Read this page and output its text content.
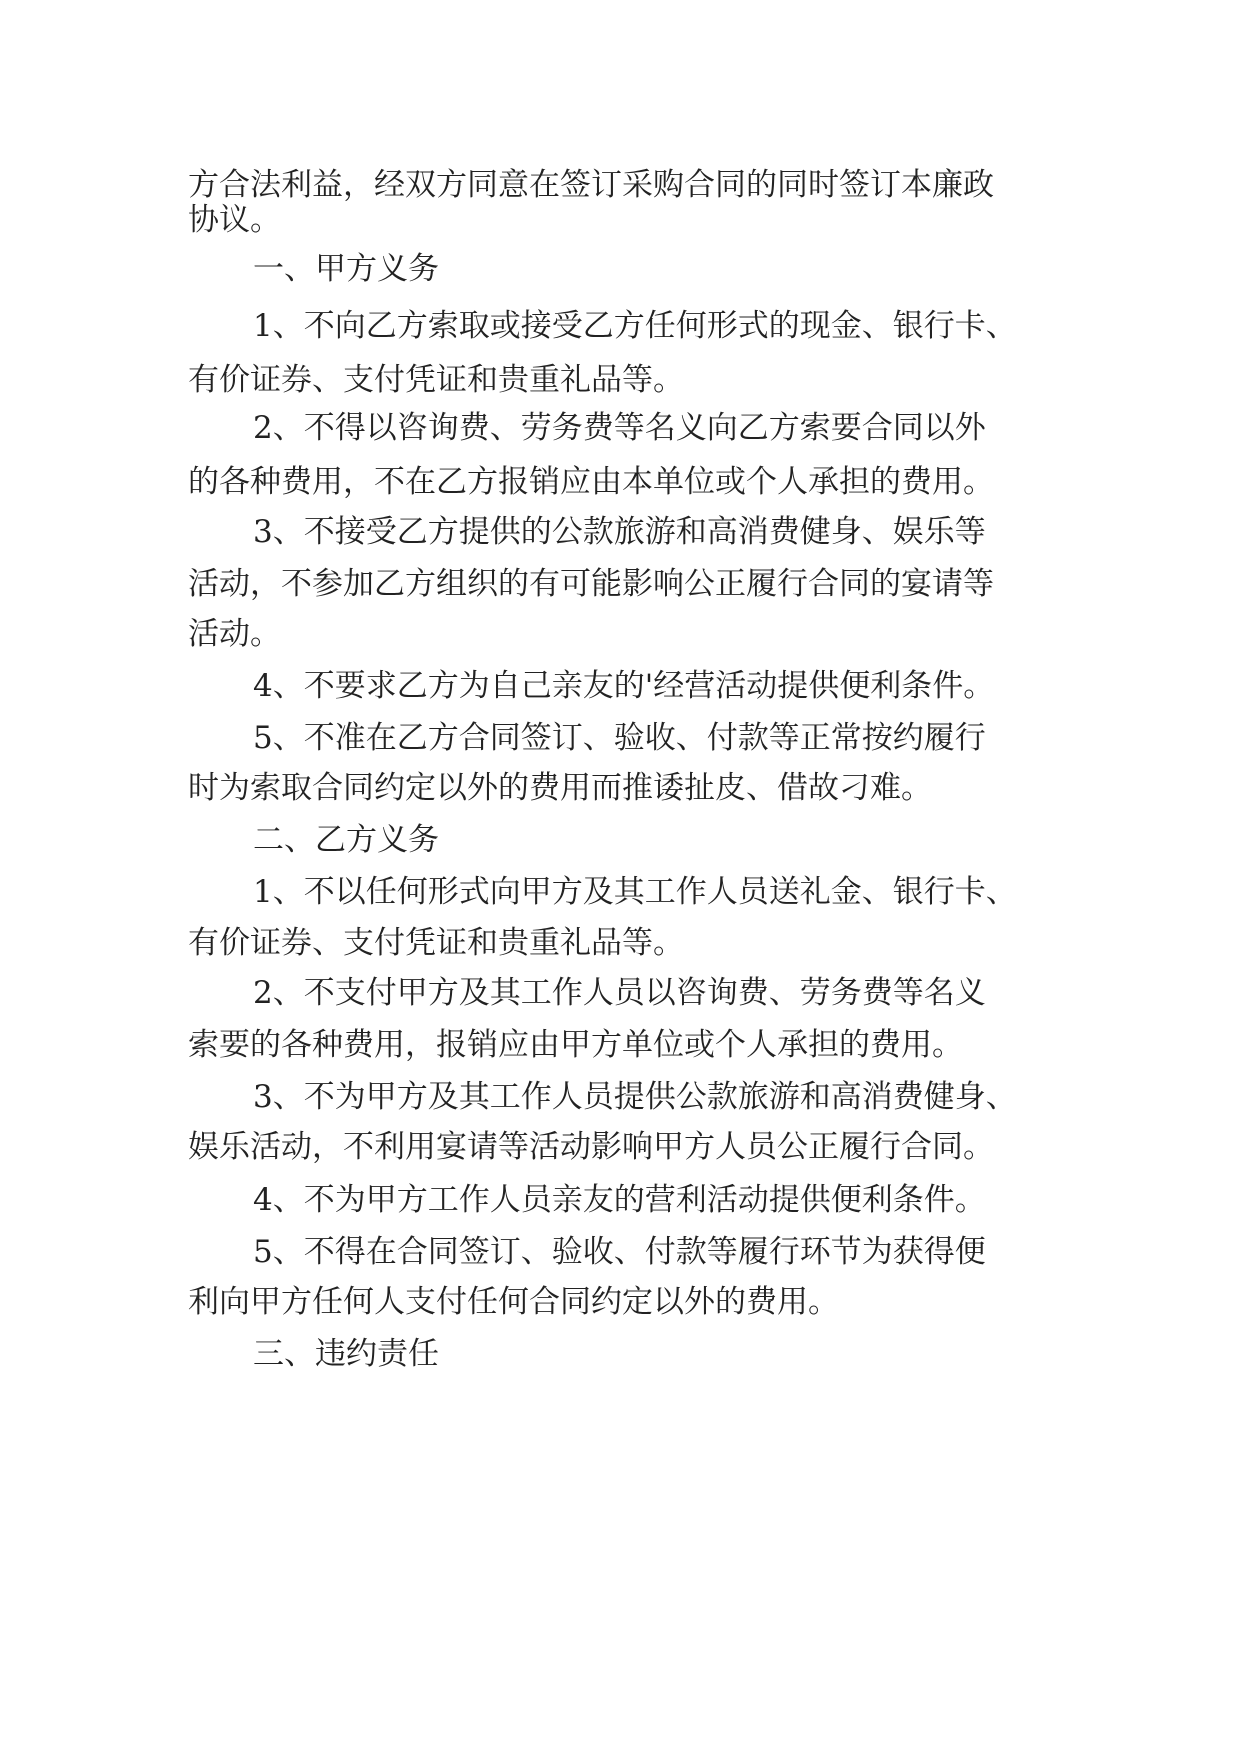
方合法利益，经双方同意在签订采购合同的同时签订本廉政

协议。

一、甲方义务

1、不向乙方索取或接受乙方任何形式的现金、银行卡、

有价证券、支付凭证和贵重礼品等。

2、不得以咨询费、劳务费等名义向乙方索要合同以外

的各种费用，不在乙方报销应由本单位或个人承担的费用。

3、不接受乙方提供的公款旅游和高消费健身、娱乐等

活动，不参加乙方组织的有可能影响公正履行合同的宴请等

活动。

4、不要求乙方为自己亲友的'经营活动提供便利条件。

5、不准在乙方合同签订、验收、付款等正常按约履行

时为索取合同约定以外的费用而推诿扯皮、借故刁难。

二、乙方义务

1、不以任何形式向甲方及其工作人员送礼金、银行卡、

有价证券、支付凭证和贵重礼品等。

2、不支付甲方及其工作人员以咨询费、劳务费等名义

索要的各种费用，报销应由甲方单位或个人承担的费用。

3、不为甲方及其工作人员提供公款旅游和高消费健身、

娱乐活动，不利用宴请等活动影响甲方人员公正履行合同。

4、不为甲方工作人员亲友的营利活动提供便利条件。

5、不得在合同签订、验收、付款等履行环节为获得便

利向甲方任何人支付任何合同约定以外的费用。

三、违约责任
